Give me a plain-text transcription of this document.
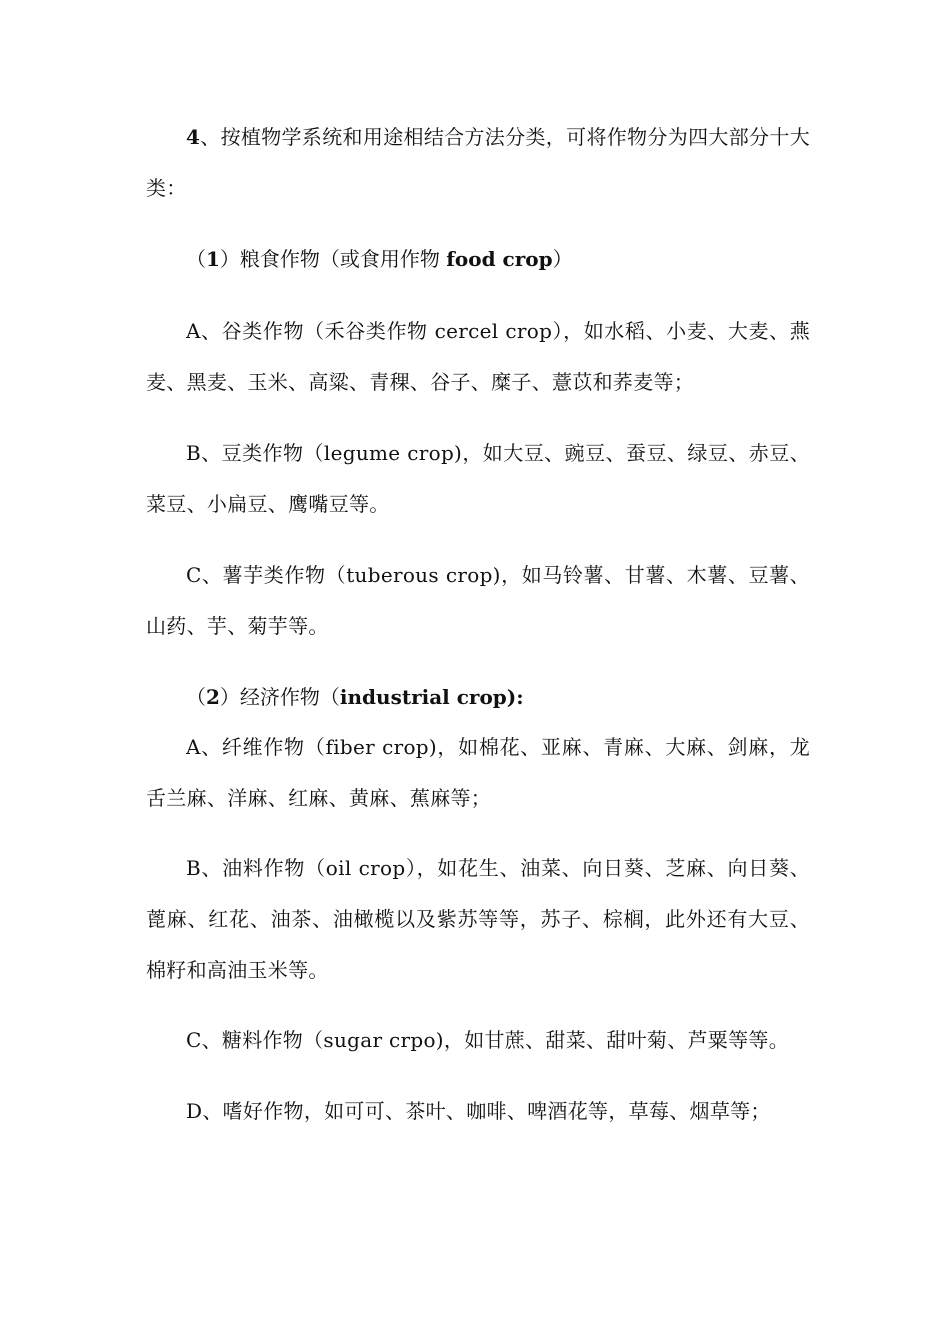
4、按植物学系统和用途相结合方法分类，可将作物分为四大部分十大类：

（1）粮食作物（或食用作物 food crop）

A、谷类作物（禾谷类作物 cercel crop），如水稻、小麦、大麦、燕麦、黑麦、玉米、高粱、青稞、谷子、糜子、薏苡和荞麦等；

B、豆类作物（legume crop)，如大豆、豌豆、蚕豆、绿豆、赤豆、菜豆、小扁豆、鹰嘴豆等。

C、薯芋类作物（tuberous crop)，如马铃薯、甘薯、木薯、豆薯、山药、芋、菊芋等。

（2）经济作物（industrial crop):

A、纤维作物（fiber crop)，如棉花、亚麻、青麻、大麻、剑麻，龙舌兰麻、洋麻、红麻、黄麻、蕉麻等；

B、油料作物（oil crop），如花生、油菜、向日葵、芝麻、向日葵、蓖麻、红花、油茶、油橄榄以及紫苏等等，苏子、棕榈，此外还有大豆、棉籽和高油玉米等。

C、糖料作物（sugar crpo)，如甘蔗、甜菜、甜叶菊、芦粟等等。

D、嗜好作物，如可可、茶叶、咖啡、啤酒花等，草莓、烟草等；
